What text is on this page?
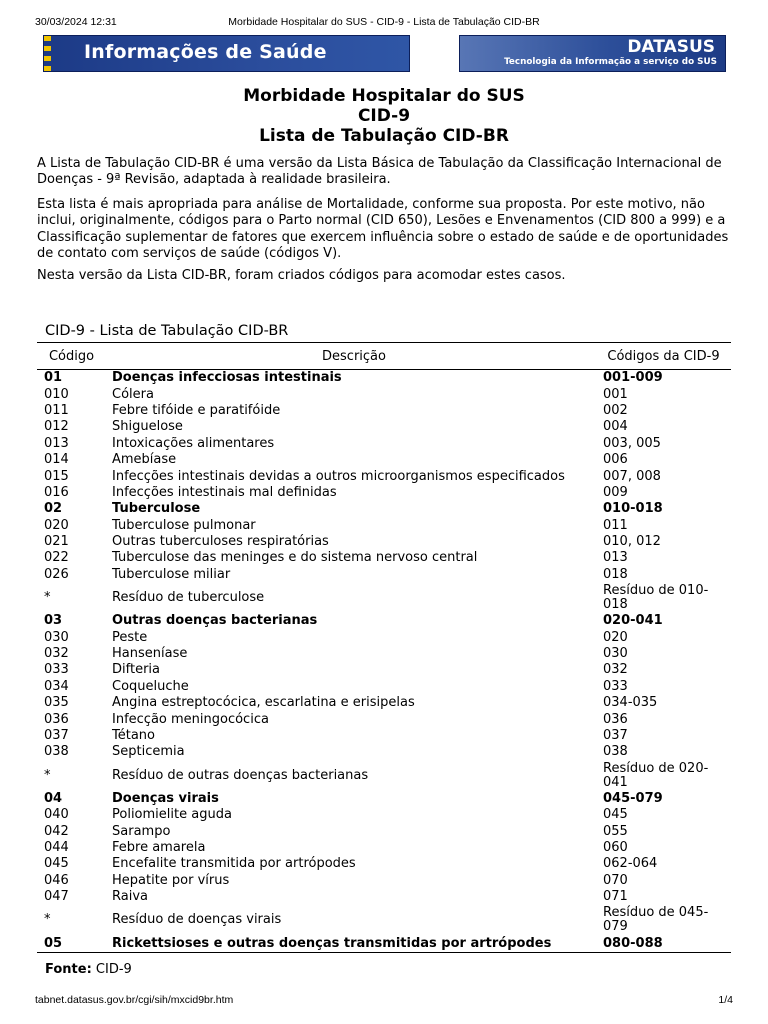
30/03/2024 12:31	Morbidade Hospitalar do SUS - CID-9 - Lista de Tabulação CID-BR
Informações de Saúde	DATASUS
Tecnologia da Informação a serviço do SUS
Morbidade Hospitalar do SUS
CID-9
Lista de Tabulação CID-BR
A Lista de Tabulação CID-BR é uma versão da Lista Básica de Tabulação da Classificação Internacional de Doenças - 9ª Revisão, adaptada à realidade brasileira.
Esta lista é mais apropriada para análise de Mortalidade, conforme sua proposta. Por este motivo, não inclui, originalmente, códigos para o Parto normal (CID 650), Lesões e Envenamentos (CID 800 a 999) e a Classificação suplementar de fatores que exercem influência sobre o estado de saúde e de oportunidades de contato com serviços de saúde (códigos V).
Nesta versão da Lista CID-BR, foram criados códigos para acomodar estes casos.
CID-9 - Lista de Tabulação CID-BR
Código	Descrição	Códigos da CID-9
01	Doenças infecciosas intestinais	001-009
010	Cólera	001
011	Febre tifóide e paratifóide	002
012	Shiguelose	004
013	Intoxicações alimentares	003, 005
014	Amebíase	006
015	Infecções intestinais devidas a outros microorganismos especificados	007, 008
016	Infecções intestinais mal definidas	009
02	Tuberculose	010-018
020	Tuberculose pulmonar	011
021	Outras tuberculoses respiratórias	010, 012
022	Tuberculose das meninges e do sistema nervoso central	013
026	Tuberculose miliar	018
*	Resíduo de tuberculose	Resíduo de 010-018
03	Outras doenças bacterianas	020-041
030	Peste	020
032	Hanseníase	030
033	Difteria	032
034	Coqueluche	033
035	Angina estreptocócica, escarlatina e erisipelas	034-035
036	Infecção meningocócica	036
037	Tétano	037
038	Septicemia	038
*	Resíduo de outras doenças bacterianas	Resíduo de 020-041
04	Doenças virais	045-079
040	Poliomielite aguda	045
042	Sarampo	055
044	Febre amarela	060
045	Encefalite transmitida por artrópodes	062-064
046	Hepatite por vírus	070
047	Raiva	071
*	Resíduo de doenças virais	Resíduo de 045-079
05	Rickettsioses e outras doenças transmitidas por artrópodes	080-088
Fonte: CID-9
tabnet.datasus.gov.br/cgi/sih/mxcid9br.htm	1/4
